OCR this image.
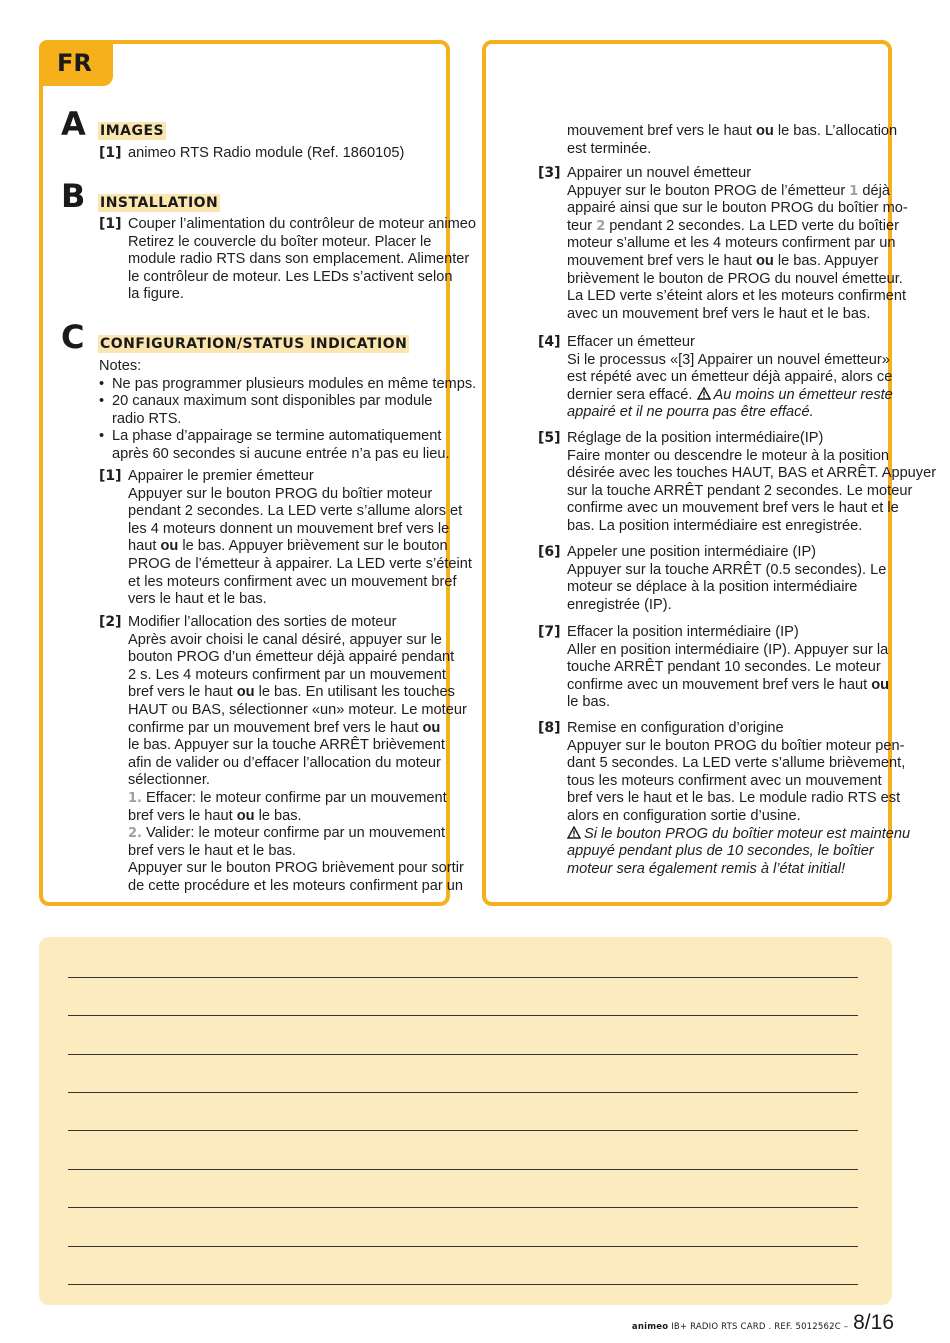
FR
A IMAGES
[1] animeo RTS Radio module (Ref. 1860105)
B INSTALLATION
[1] Couper l’alimentation du contrôleur de moteur animeo
Retirez le couvercle du boîter moteur. Placer le
module radio RTS dans son emplacement. Alimenter
le contrôleur de moteur. Les LEDs s’activent selon
la figure.
C CONFIGURATION/STATUS INDICATION
Notes:
• Ne pas programmer plusieurs modules en même temps.
• 20 canaux maximum sont disponibles par module
radio RTS.
• La phase d’appairage se termine automatiquement
après 60 secondes si aucune entrée n’a pas eu lieu.
[1] Appairer le premier émetteur
Appuyer sur le bouton PROG du boîtier moteur
pendant 2 secondes. La LED verte s’allume alors et
les 4 moteurs donnent un mouvement bref vers le
haut ou le bas. Appuyer brièvement sur le bouton
PROG de l’émetteur à appairer. La LED verte s’éteint
et les moteurs confirment avec un mouvement bref
vers le haut et le bas.
[2] Modifier l’allocation des sorties de moteur
Après avoir choisi le canal désiré, appuyer sur le
bouton PROG d’un émetteur déjà appairé pendant
2 s. Les 4 moteurs confirment par un mouvement
bref vers le haut ou le bas. En utilisant les touches
HAUT ou BAS, sélectionner «un» moteur. Le moteur
confirme par un mouvement bref vers le haut ou
le bas. Appuyer sur la touche ARRÊT brièvement
afin de valider ou d’effacer l’allocation du moteur
sélectionner.
1. Effacer: le moteur confirme par un mouvement
bref vers le haut ou le bas.
2. Valider: le moteur confirme par un mouvement
bref vers le haut et le bas.
Appuyer sur le bouton PROG brièvement pour sortir
de cette procédure et les moteurs confirment par un
mouvement bref vers le haut ou le bas. L’allocation
est terminée.
[3] Appairer un nouvel émetteur
Appuyer sur le bouton PROG de l’émetteur 1 déjà
appairé ainsi que sur le bouton PROG du boîtier mo-
teur 2 pendant 2 secondes. La LED verte du boîtier
moteur s’allume et les 4 moteurs confirment par un
mouvement bref vers le haut ou le bas. Appuyer
brièvement le bouton de PROG du nouvel émetteur.
La LED verte s’éteint alors et les moteurs confirment
avec un mouvement bref vers le haut et le bas.
[4] Effacer un émetteur
Si le processus «[3] Appairer un nouvel émetteur»
est répété avec un émetteur déjà appairé, alors ce
dernier sera effacé. Au moins un émetteur reste
appairé et il ne pourra pas être effacé.
[5] Réglage de la position intermédiaire(IP)
Faire monter ou descendre le moteur à la position
désirée avec les touches HAUT, BAS et ARRÊT. Appuyer
sur la touche ARRÊT pendant 2 secondes. Le moteur
confirme avec un mouvement bref vers le haut et le
bas. La position intermédiaire est enregistrée.
[6] Appeler une position intermédiaire (IP)
Appuyer sur la touche ARRÊT (0.5 secondes). Le
moteur se déplace à la position intermédiaire
enregistrée (IP).
[7] Effacer la position intermédiaire (IP)
Aller en position intermédiaire (IP). Appuyer sur la
touche ARRÊT pendant 10 secondes. Le moteur
confirme avec un mouvement bref vers le haut ou
le bas.
[8] Remise en configuration d’origine
Appuyer sur le bouton PROG du boîtier moteur pen-
dant 5 secondes. La LED verte s’allume brièvement,
tous les moteurs confirment avec un mouvement
bref vers le haut et le bas. Le module radio RTS est
alors en configuration sortie d’usine.
Si le bouton PROG du boîtier moteur est maintenu
appuyé pendant plus de 10 secondes, le boîtier
moteur sera également remis à l’état initial!
animeo IB+ RADIO RTS CARD . REF. 5012562C – 8/16
